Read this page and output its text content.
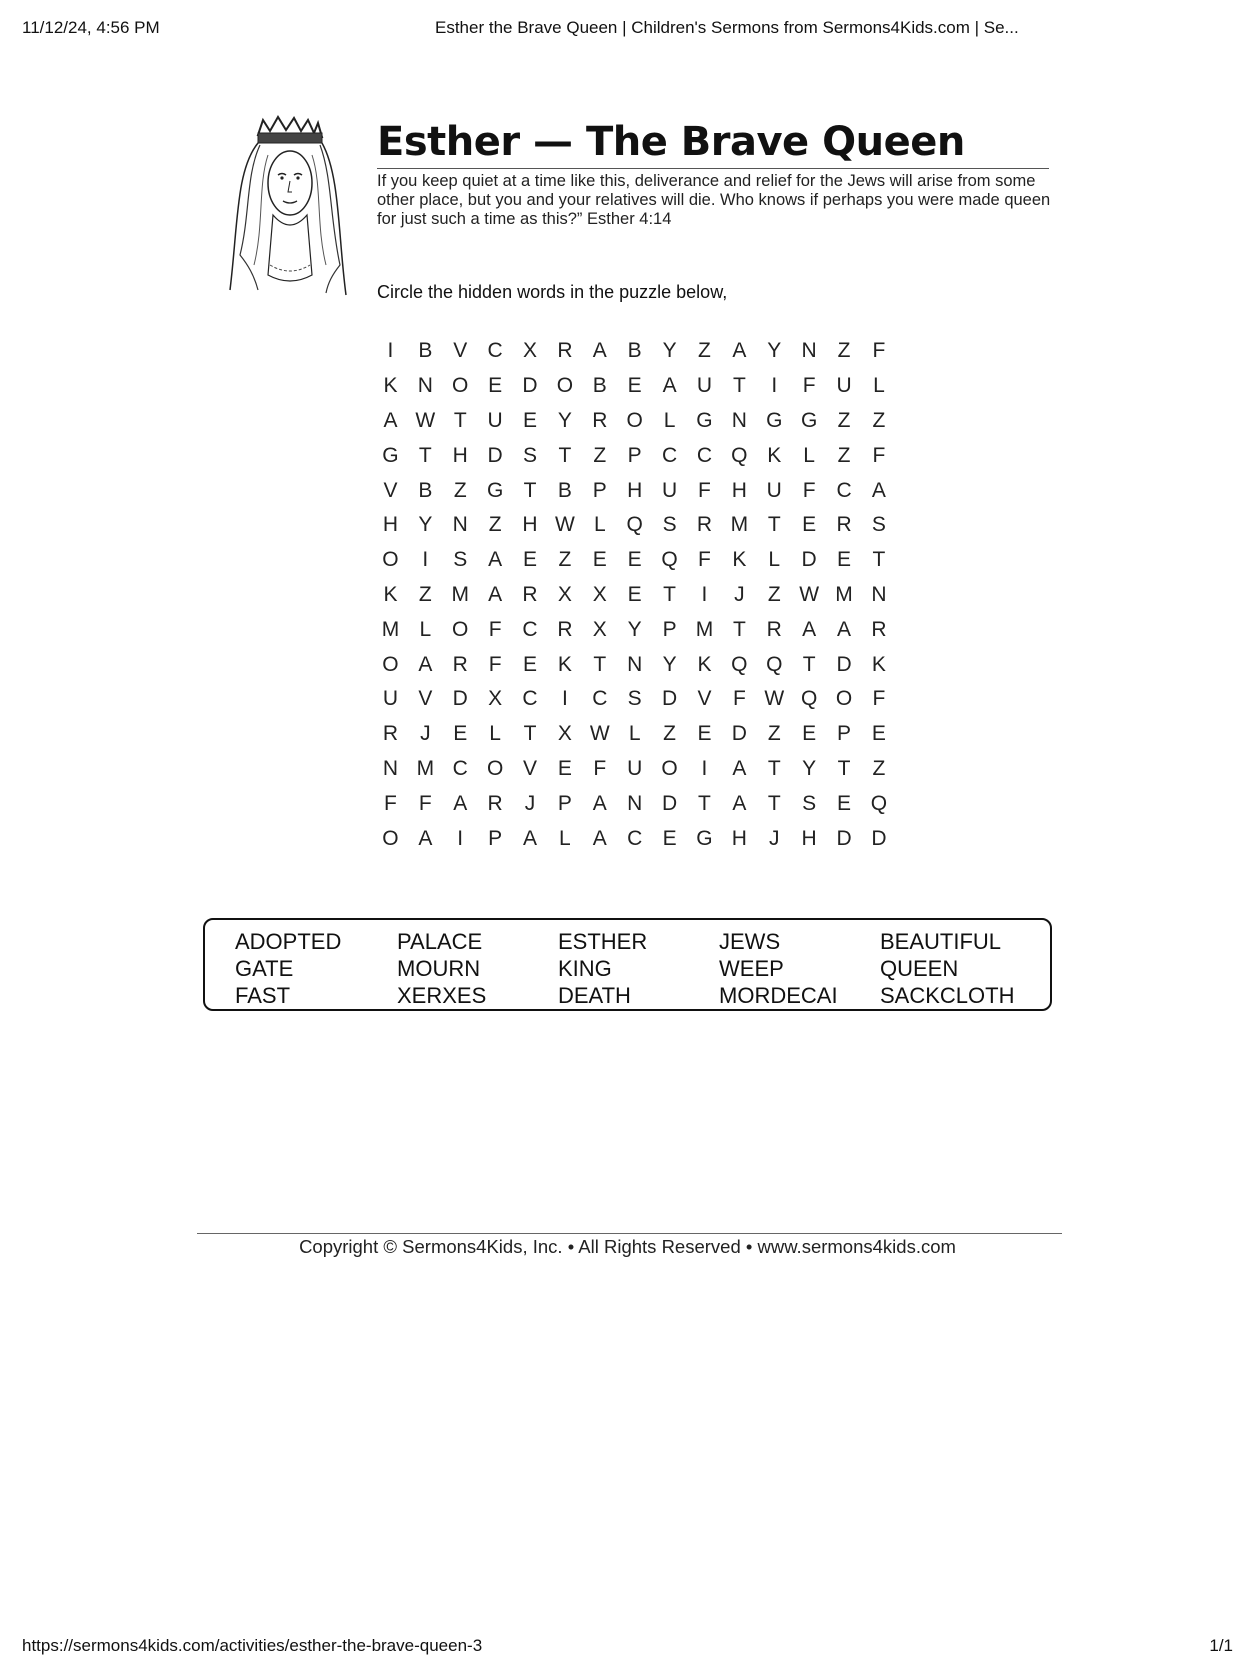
11/12/24, 4:56 PM	Esther the Brave Queen | Children's Sermons from Sermons4Kids.com | Se...
Esther — The Brave Queen
If you keep quiet at a time like this, deliverance and relief for the Jews will arise from some other place, but you and your relatives will die. Who knows if perhaps you were made queen for just such a time as this?” Esther 4:14
Circle the hidden words in the puzzle below,
I	B V C X R A B Y	Z	A Y N Z	F
K N O E D O B E A U T	I	F U	L
A W T U E Y R O L G N G G Z	Z
G T H D S	T	Z	P C C Q K	L	Z	F
V B	Z G T	B P H U F H U F C A
H Y N Z H W L Q S R M T	E R S
O	I	S A E	Z	E E Q F	K	L	D E	T
K	Z M A R X X E	T	I	J	Z W M N
M L O F C R X Y P M T R A A R
O A R F	E K	T N Y K Q Q T D K
U V D X C	I	C S D V	F W Q O F
R	J	E	L	T	X W L	Z	E D Z	E P E
N M C O V E	F U O	I	A	T	Y	T	Z
F	F	A R	J	P A N D T	A	T	S E Q
O A	I	P A	L	A C E G H	J	H D D
ADOPTED
GATE
FAST
PALACE
MOURN
XERXES
ESTHER
KING
DEATH
JEWS
WEEP
MORDECAI
BEAUTIFUL
QUEEN
SACKCLOTH
Copyright © Sermons4Kids, Inc. • All Rights Reserved • www.sermons4kids.com
https://sermons4kids.com/activities/esther-the-brave-queen-3	1/1
